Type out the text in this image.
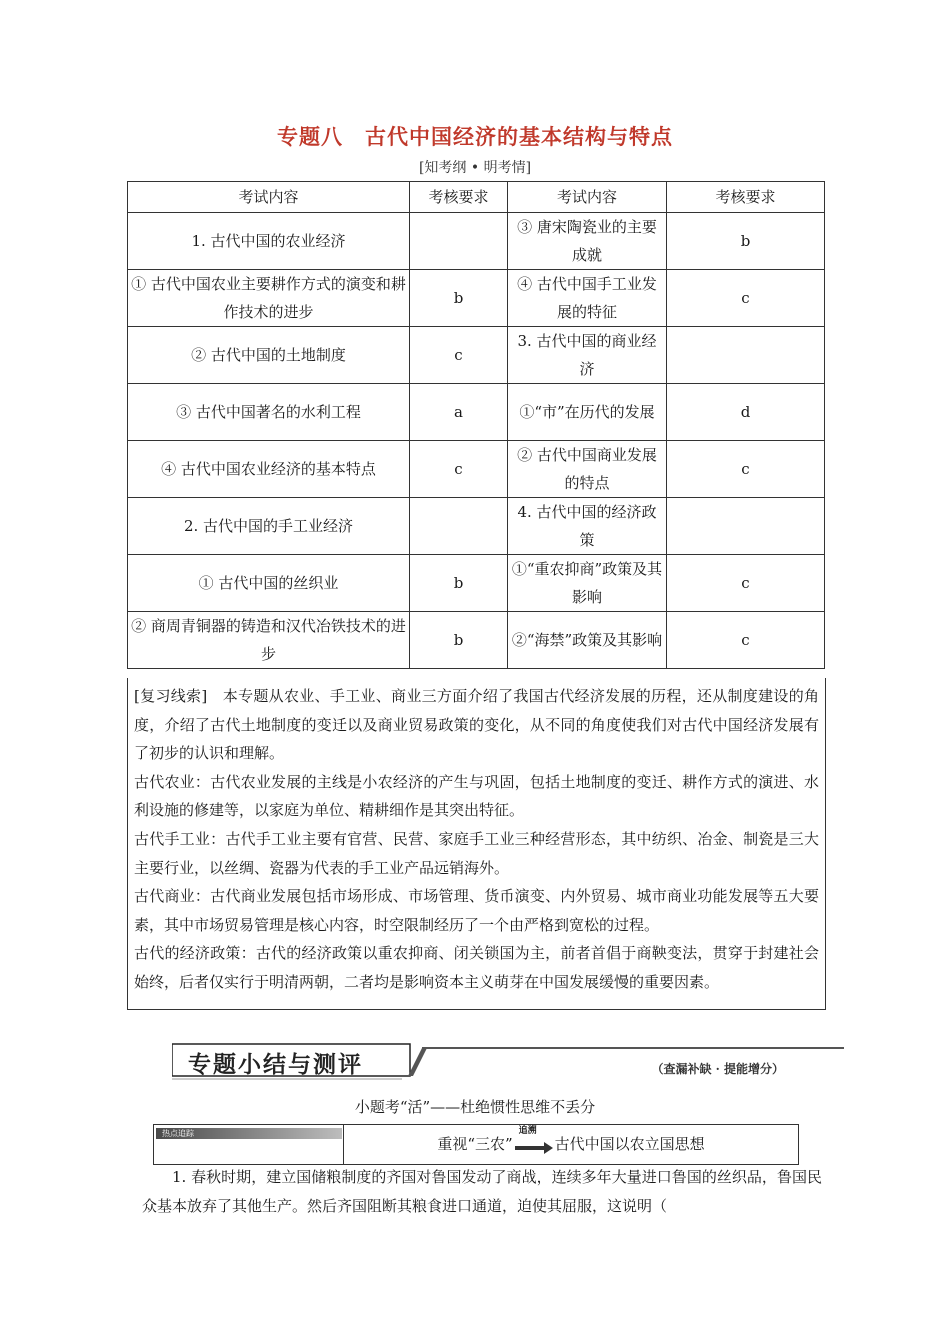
专题八　古代中国经济的基本结构与特点
[知考纲 • 明考情]
考试内容	考核要求	考试内容	考核要求
1. 古代中国的农业经济		③ 唐宋陶瓷业的主要成就	b
① 古代中国农业主要耕作方式的演变和耕作技术的进步	b	④ 古代中国手工业发展的特征	c
② 古代中国的土地制度	c	3. 古代中国的商业经济	
③ 古代中国著名的水利工程	a	①“市”在历代的发展	d
④ 古代中国农业经济的基本特点	c	② 古代中国商业发展的特点	c
2. 古代中国的手工业经济		4. 古代中国的经济政策	
① 古代中国的丝织业	b	①“重农抑商”政策及其影响	c
② 商周青铜器的铸造和汉代冶铁技术的进步	b	②“海禁”政策及其影响	c

[复习线索]　本专题从农业、手工业、商业三方面介绍了我国古代经济发展的历程，还从制度建设的角度，介绍了古代土地制度的变迁以及商业贸易政策的变化，从不同的角度使我们对古代中国经济发展有了初步的认识和理解。

古代农业：古代农业发展的主线是小农经济的产生与巩固，包括土地制度的变迁、耕作方式的演进、水利设施的修建等，以家庭为单位、精耕细作是其突出特征。

古代手工业：古代手工业主要有官营、民营、家庭手工业三种经营形态，其中纺织、冶金、制瓷是三大主要行业，以丝绸、瓷器为代表的手工业产品远销海外。

古代商业：古代商业发展包括市场形成、市场管理、货币演变、内外贸易、城市商业功能发展等五大要素，其中市场贸易管理是核心内容，时空限制经历了一个由严格到宽松的过程。

古代的经济政策：古代的经济政策以重农抑商、闭关锁国为主，前者首倡于商鞅变法，贯穿于封建社会始终，后者仅实行于明清两朝，二者均是影响资本主义萌芽在中国发展缓慢的重要因素。

专题小结与测评	（查漏补缺 · 提能增分）
小题考“活”——杜绝惯性思维不丢分
热点追踪
重视“三农”
追溯
古代中国以农立国思想

1. 春秋时期，建立国储粮制度的齐国对鲁国发动了商战，连续多年大量进口鲁国的丝织品，鲁国民众基本放弃了其他生产。然后齐国阻断其粮食进口通道，迫使其屈服，这说明（
